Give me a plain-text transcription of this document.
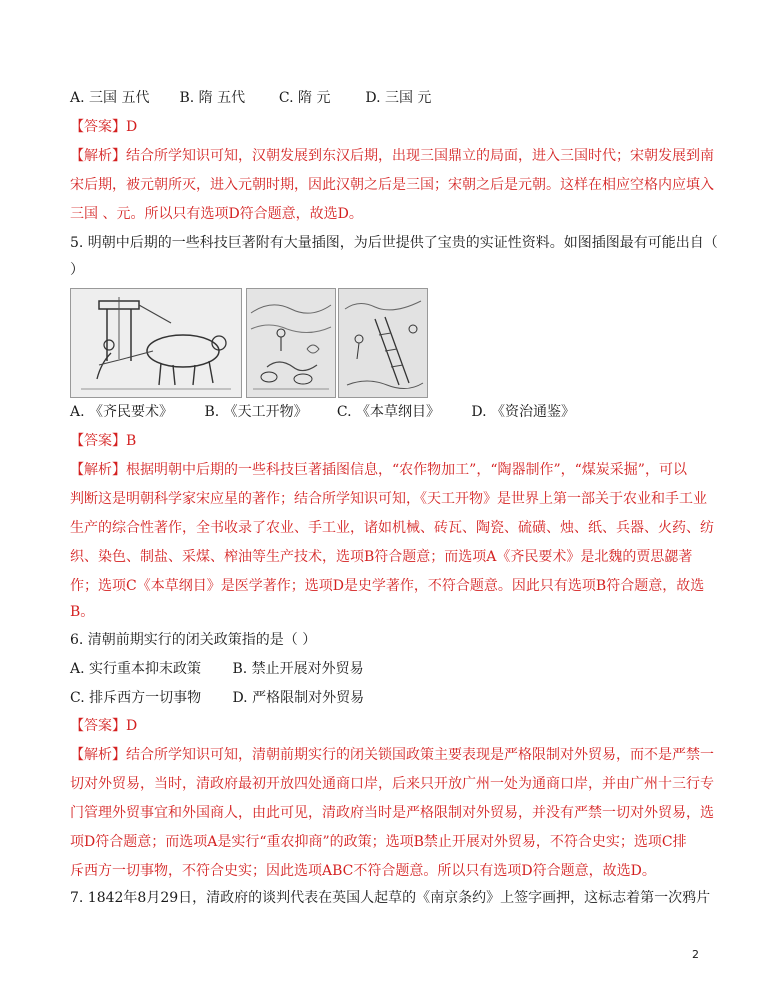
A. 三国 五代 B. 隋 五代 C. 隋 元 D. 三国 元
【答案】D
【解析】结合所学知识可知，汉朝发展到东汉后期，出现三国鼎立的局面，进入三国时代；宋朝发展到南
宋后期，被元朝所灭，进入元朝时期，因此汉朝之后是三国；宋朝之后是元朝。这样在相应空格内应填入
三国 、元。所以只有选项D符合题意，故选D。
5. 明朝中后期的一些科技巨著附有大量插图，为后世提供了宝贵的实证性资料。如图插图最有可能出自（
）
A. 《齐民要术》 B. 《天工开物》 C. 《本草纲目》 D. 《资治通鉴》
【答案】B
【解析】根据明朝中后期的一些科技巨著插图信息，“农作物加工”，“陶器制作”，“煤炭采掘”，可以
判断这是明朝科学家宋应星的著作；结合所学知识可知，《天工开物》是世界上第一部关于农业和手工业
生产的综合性著作，全书收录了农业、手工业，诸如机械、砖瓦、陶瓷、硫磺、烛、纸、兵器、火药、纺
织、染色、制盐、采煤、榨油等生产技术，选项B符合题意；而选项A《齐民要术》是北魏的贾思勰著
作；选项C《本草纲目》是医学著作；选项D是史学著作，不符合题意。因此只有选项B符合题意，故选
B。
6. 清朝前期实行的闭关政策指的是（ ）
A. 实行重本抑末政策 B. 禁止开展对外贸易
C. 排斥西方一切事物 D. 严格限制对外贸易
【答案】D
【解析】结合所学知识可知，清朝前期实行的闭关锁国政策主要表现是严格限制对外贸易，而不是严禁一
切对外贸易，当时，清政府最初开放四处通商口岸，后来只开放广州一处为通商口岸，并由广州十三行专
门管理外贸事宜和外国商人，由此可见，清政府当时是严格限制对外贸易，并没有严禁一切对外贸易，选
项D符合题意；而选项A是实行“重农抑商”的政策；选项B禁止开展对外贸易，不符合史实；选项C排
斥西方一切事物，不符合史实；因此选项ABC不符合题意。所以只有选项D符合题意，故选D。
7. 1842年8月29日，清政府的谈判代表在英国人起草的《南京条约》上签字画押，这标志着第一次鸦片
2
